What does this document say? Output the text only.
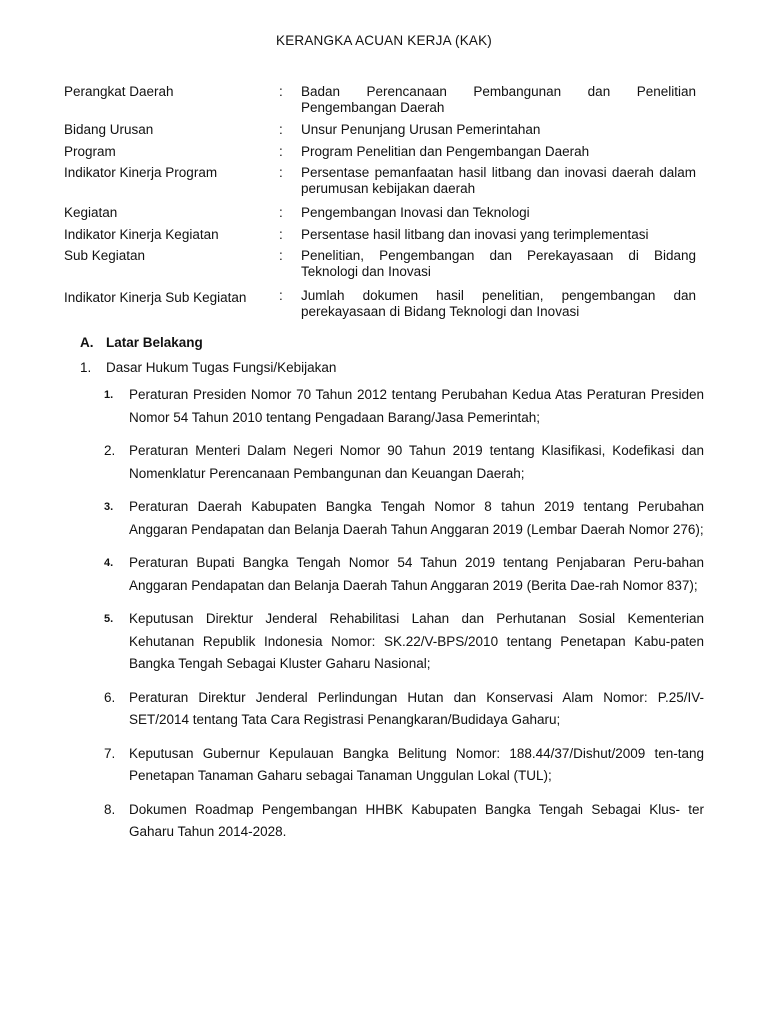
KERANGKA ACUAN KERJA (KAK)
Perangkat Daerah	:	Badan Perencanaan Pembangunan dan Penelitian Pengembangan Daerah
Bidang Urusan	:	Unsur Penunjang Urusan Pemerintahan
Program	:	Program Penelitian dan Pengembangan Daerah
Indikator Kinerja Program	:	Persentase pemanfaatan hasil litbang dan inovasi daerah dalam perumusan kebijakan daerah
Kegiatan	:	Pengembangan Inovasi dan Teknologi
Indikator Kinerja Kegiatan	:	Persentase hasil litbang dan inovasi yang terimplementasi
Sub Kegiatan	:	Penelitian, Pengembangan dan Perekayasaan di Bidang Teknologi dan Inovasi
Indikator Kinerja Sub Kegiatan	:	Jumlah dokumen hasil penelitian, pengembangan dan perekayasaan di Bidang Teknologi dan Inovasi
A. Latar Belakang
1. Dasar Hukum Tugas Fungsi/Kebijakan
1.	Peraturan Presiden Nomor 70 Tahun 2012 tentang Perubahan Kedua Atas Peraturan Presiden Nomor 54 Tahun 2010 tentang Pengadaan Barang/Jasa Pemerintah;
2.	Peraturan Menteri Dalam Negeri Nomor 90 Tahun 2019 tentang Klasifikasi, Kodefikasi dan Nomenklatur Perencanaan Pembangunan dan Keuangan Daerah;
3.	Peraturan Daerah Kabupaten Bangka Tengah Nomor 8 tahun 2019 tentang Perubahan Anggaran Pendapatan dan Belanja Daerah Tahun Anggaran 2019 (Lembar Daerah Nomor 276);
4.	Peraturan Bupati Bangka Tengah Nomor 54 Tahun 2019 tentang Penjabaran Peru-bahan Anggaran Pendapatan dan Belanja Daerah Tahun Anggaran 2019 (Berita Dae-rah Nomor 837);
5.	Keputusan Direktur Jenderal Rehabilitasi Lahan dan Perhutanan Sosial Kementerian Kehutanan Republik Indonesia Nomor: SK.22/V-BPS/2010 tentang Penetapan Kabu-paten Bangka Tengah Sebagai Kluster Gaharu Nasional;
6.	Peraturan Direktur Jenderal Perlindungan Hutan dan Konservasi Alam Nomor: P.25/IV- SET/2014 tentang Tata Cara Registrasi Penangkaran/Budidaya Gaharu;
7.	Keputusan Gubernur Kepulauan Bangka Belitung Nomor: 188.44/37/Dishut/2009 ten-tang Penetapan Tanaman Gaharu sebagai Tanaman Unggulan Lokal (TUL);
8.	Dokumen Roadmap Pengembangan HHBK Kabupaten Bangka Tengah Sebagai Klus- ter Gaharu Tahun 2014-2028.
